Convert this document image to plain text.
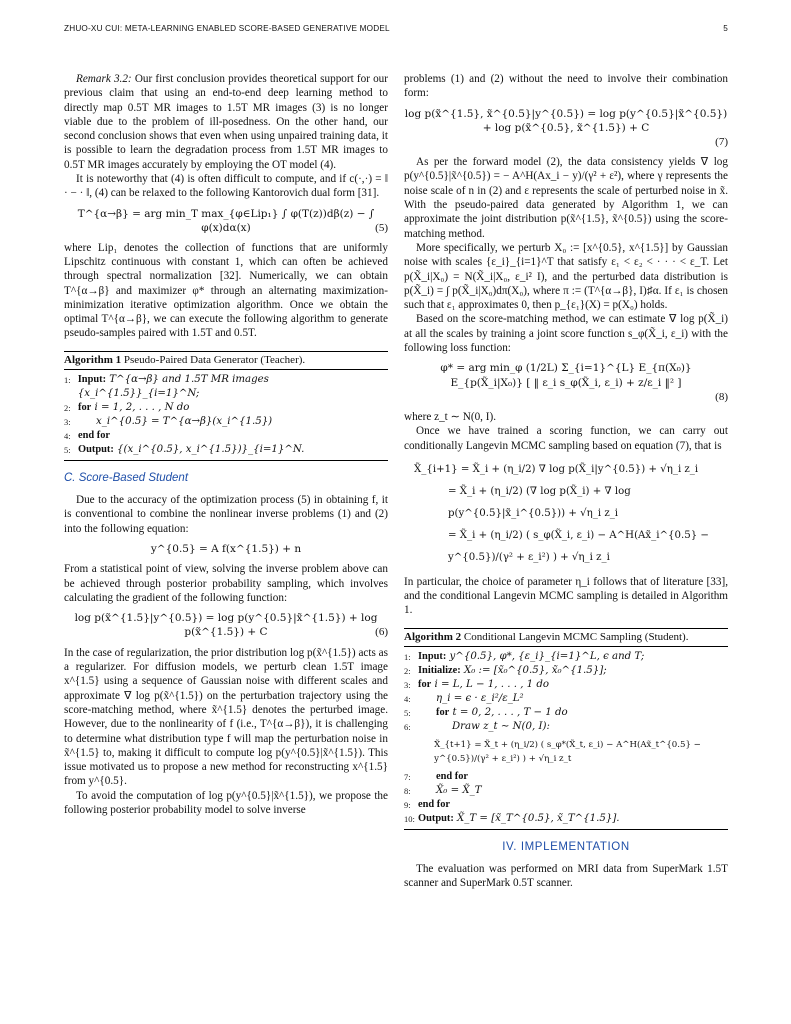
ZHUO-XU CUI: META-LEARNING ENABLED SCORE-BASED GENERATIVE MODEL	5

Remark 3.2: Our first conclusion provides theoretical support for our previous claim that using an end-to-end deep learning method to directly map 0.5T MR images to 1.5T MR images (3) is no longer viable due to the problem of ill-posedness. On the other hand, our second conclusion shows that even when using unpaired training data, it is possible to learn the degradation process from 1.5T MR images to 0.5T MR images accurately by employing the OT model (4).

It is noteworthy that (4) is often difficult to compute, and if c(·,·) = ‖ · − · ‖, (4) can be relaxed to the following Kantorovich dual form [31].

T^{α→β} = arg min_T max_{φ∈Lip₁} ∫ φ(T(z))dβ(z) − ∫ φ(x)dα(x)	(5)

where Lip₁ denotes the collection of functions that are uniformly Lipschitz continuous with constant 1, which can often be achieved through spectral normalization [32]. Numerically, we can obtain T^{α→β} and maximizer φ* through an alternating maximization-minimization iterative optimization algorithm. Once we obtain the optimal T^{α→β}, we can execute the following algorithm to generate pseudo-samples paired with 1.5T and 0.5T.

Algorithm 1 Pseudo-Paired Data Generator (Teacher).
1: Input: T^{α→β} and 1.5T MR images {x_i^{1.5}}_{i=1}^N;
2: for i = 1, 2, . . . , N do
3:	x_i^{0.5} = T^{α→β}(x_i^{1.5})
4: end for
5: Output: {(x_i^{0.5}, x_i^{1.5})}_{i=1}^N.
C. Score-Based Student

Due to the accuracy of the optimization process (5) in obtaining f, it is conventional to combine the nonlinear inverse problems (1) and (2) into the following equation:

y^{0.5} = A f(x^{1.5}) + n

From a statistical point of view, solving the inverse problem above can be achieved through posterior probability sampling, which involves calculating the gradient of the following function:

log p(x̃^{1.5}|y^{0.5}) = log p(y^{0.5}|x̃^{1.5}) + log p(x̃^{1.5}) + C	(6)

In the case of regularization, the prior distribution log p(x̃^{1.5}) acts as a regularizer. For diffusion models, we perturb clean 1.5T image x^{1.5} using a sequence of Gaussian noise with different scales and approximate ∇ log p(x̃^{1.5}) on the perturbation trajectory using the score-matching method, where x̃^{1.5} denotes the perturbed image. However, due to the nonlinearity of f (i.e., T^{α→β}), it is challenging to determine what distribution type f will map the perturbation noise in x̃^{1.5} to, making it difficult to compute log p(y^{0.5}|x̃^{1.5}). This issue motivated us to propose a new method for reconstructing x^{1.5} from y^{0.5}.

To avoid the computation of log p(y^{0.5}|x̃^{1.5}), we propose the following posterior probability model to solve inverse

problems (1) and (2) without the need to involve their combination form:

log p(x̃^{1.5}, x̃^{0.5}|y^{0.5}) = log p(y^{0.5}|x̃^{0.5}) + log p(x̃^{0.5}, x̃^{1.5}) + C
(7)

As per the forward model (2), the data consistency yields ∇ log p(y^{0.5}|x̃^{0.5}) = − A^H(Ax_i − y)/(γ² + ε²), where γ represents the noise scale of n in (2) and ε represents the scale of perturbed noise in x̃. With the pseudo-paired data generated by Algorithm 1, we can approximate the joint distribution p(x̃^{1.5}, x̃^{0.5}) using the score-matching method.

More specifically, we perturb X₀ := [x^{0.5}, x^{1.5}] by Gaussian noise with scales {ε_i}_{i=1}^T that satisfy ε₁ < ε₂ < · · · < ε_T. Let p(X̃_i|X₀) = N(X̃_i|X₀, ε_i² I), and the perturbed data distribution is p(X̃_i) = ∫ p(X̃_i|X₀)dπ(X₀), where π := (T^{α→β}, I)♯α. If ε₁ is chosen such that ε₁ approximates 0, then p_{ε₁}(X) = p(X₀) holds.

Based on the score-matching method, we can estimate ∇ log p(X̃_i) at all the scales by training a joint score function s_φ(X̃_i, ε_i) with the following loss function:

φ* = arg min_φ (1/2L) Σ_{i=1}^{L} E_{π(X₀)} E_{p(X̃_i|X₀)} [ ‖ ε_i s_φ(X̃_i, ε_i) + z/ε_i ‖² ]
(8)

where z_t ∼ N(0, I).

Once we have trained a scoring function, we can carry out conditionally Langevin MCMC sampling based on equation (7), that is

X̃_{i+1} = X̃_i + (η_i/2) ∇ log p(X̃_i|y^{0.5}) + √η_i z_i
= X̃_i + (η_i/2) (∇ log p(X̃_i) + ∇ log p(y^{0.5}|x̃_i^{0.5})) + √η_i z_i
= X̃_i + (η_i/2) ( s_φ(X̃_i, ε_i) − A^H(Ax̃_i^{0.5} − y^{0.5})/(γ² + ε_i²) ) + √η_i z_i

In particular, the choice of parameter η_i follows that of literature [33], and the conditional Langevin MCMC sampling is detailed in Algorithm 1.

Algorithm 2 Conditional Langevin MCMC Sampling (Student).
1: Input: y^{0.5}, φ*, {ε_i}_{i=1}^L, ϵ and T;
2: Initialize: X₀ := [x̃₀^{0.5}, x̃₀^{1.5}];
3: for i = L, L − 1, . . . , 1 do
4:	η_i = ϵ · ε_i²/ε_L²
5:	for t = 0, 2, . . . , T − 1 do
6:	Draw z_t ∼ N(0, I):
X̃_{t+1} = X̃_t + (η_i/2) ( s_φ*(X̃_t, ε_i) − A^H(Ax̃_t^{0.5} − y^{0.5})/(γ² + ε_i²) ) + √η_i z_t
7:	end for
8:	X̃₀ = X̃_T
9: end for
10: Output: X̃_T = [x̃_T^{0.5}, x̃_T^{1.5}].
IV. IMPLEMENTATION

The evaluation was performed on MRI data from SuperMark 1.5T scanner and SuperMark 0.5T scanner.
